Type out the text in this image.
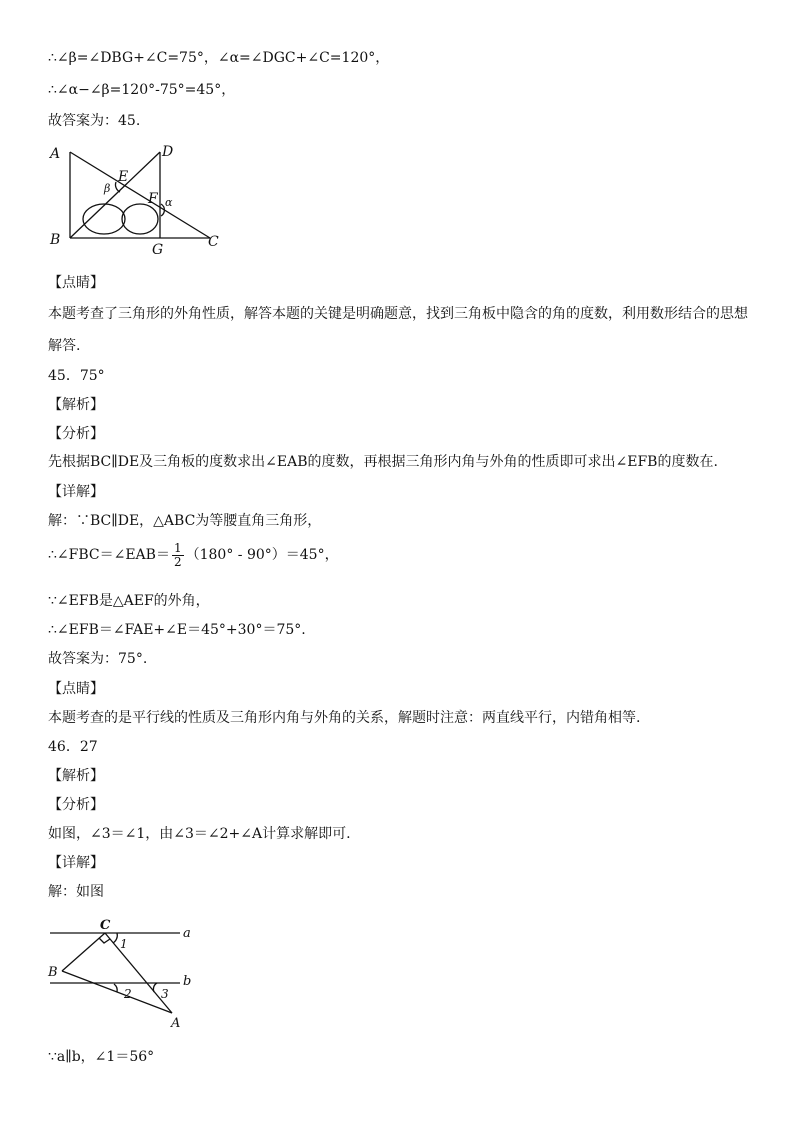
∴∠β=∠DBG+∠C=75°，∠α=∠DGC+∠C=120°，
∴∠α−∠β=120°-75°=45°，
故答案为：45.
A	D
E
F
B	C
G
β
α
【点睛】
本题考查了三角形的外角性质，解答本题的关键是明确题意，找到三角板中隐含的角的度数，利用数形结合的思想解答.
45．75°
【解析】
【分析】
先根据BC∥DE及三角板的度数求出∠EAB的度数，再根据三角形内角与外角的性质即可求出∠EFB的度数在.
【详解】
解：∵BC∥DE，△ABC为等腰直角三角形，
∴∠FBC＝∠EAB＝ $\frac{1}{2} (180^\circ - 90^\circ)=45^\circ$，
∵∠EFB是△AEF的外角，
∴∠EFB＝∠FAE+∠E＝45°+30°＝75°.
故答案为：75°.
【点睛】
本题考查的是平行线的性质及三角形内角与外角的关系，解题时注意：两直线平行，内错角相等.
46．27
【解析】
【分析】
如图，∠3＝∠1，由∠3＝∠2+∠A计算求解即可.
【详解】
解：如图
C
B
A
a
b
1
2 3
∵a∥b，∠1＝56°
